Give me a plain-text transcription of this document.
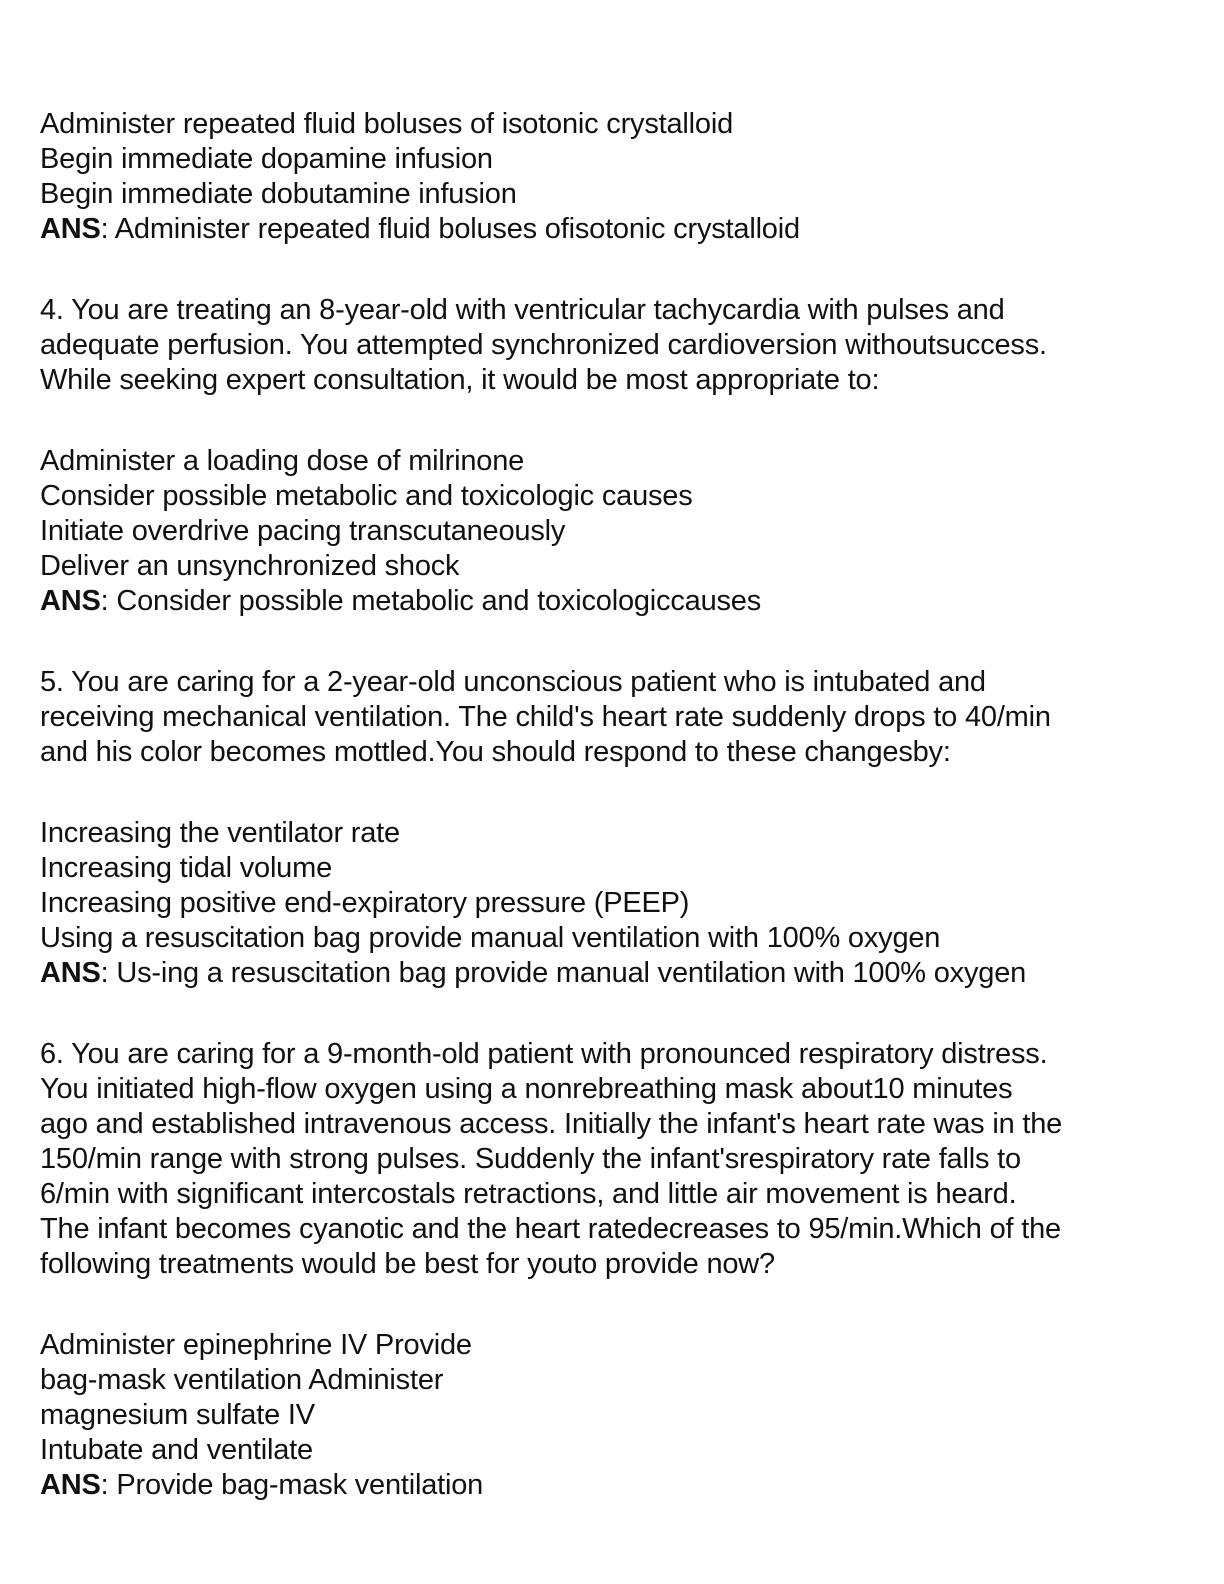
Administer repeated fluid boluses of isotonic crystalloid
Begin immediate dopamine infusion
Begin immediate dobutamine infusion
ANS: Administer repeated fluid boluses ofisotonic crystalloid
4. You are treating an 8-year-old with ventricular tachycardia with pulses and
adequate perfusion. You attempted synchronized cardioversion withoutsuccess.
While seeking expert consultation, it would be most appropriate to:
Administer a loading dose of milrinone
Consider possible metabolic and toxicologic causes
Initiate overdrive pacing transcutaneously
Deliver an unsynchronized shock
ANS: Consider possible metabolic and toxicologiccauses
5. You are caring for a 2-year-old unconscious patient who is intubated and
receiving mechanical ventilation. The child's heart rate suddenly drops to 40/min
and his color becomes mottled.You should respond to these changesby:
Increasing the ventilator rate
Increasing tidal volume
Increasing positive end-expiratory pressure (PEEP)
Using a resuscitation bag provide manual ventilation with 100% oxygen
ANS: Us-ing a resuscitation bag provide manual ventilation with 100% oxygen
6. You are caring for a 9-month-old patient with pronounced respiratory distress.
You initiated high-flow oxygen using a nonrebreathing mask about10 minutes
ago and established intravenous access. Initially the infant's heart rate was in the
150/min range with strong pulses. Suddenly the infant'srespiratory rate falls to
6/min with significant intercostals retractions, and little air movement is heard.
The infant becomes cyanotic and the heart ratedecreases to 95/min.Which of the
following treatments would be best for youto provide now?
Administer epinephrine IV Provide
bag-mask ventilation Administer
magnesium sulfate IV
Intubate and ventilate
ANS: Provide bag-mask ventilation
